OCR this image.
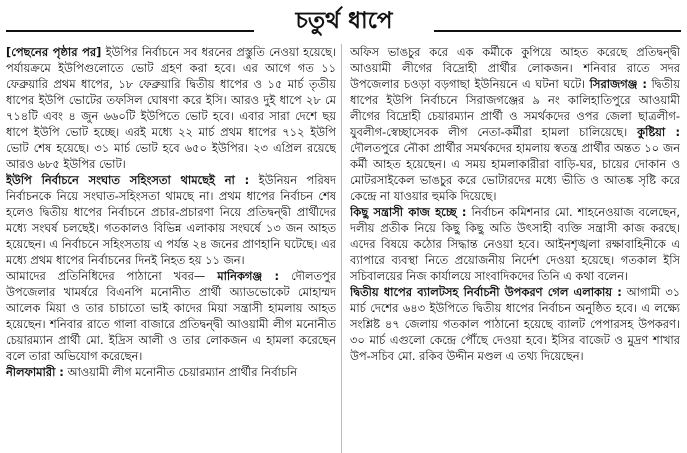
চতুর্থ ধাপে

[পেছনের পৃষ্ঠার পর] ইউপির নির্বাচনে সব ধরনের প্রস্তুতি নেওয়া হয়েছে। পর্যায়ক্রমে ইউপিগুলোতে ভোট গ্রহণ করা হবে। এর আগে গত ১১ ফেব্রুয়ারি প্রথম ধাপের, ১৮ ফেব্রুয়ারি দ্বিতীয় ধাপের ও ১৫ মার্চ তৃতীয় ধাপের ইউপি ভোটের তফসিল ঘোষণা করে ইসি। আরও দুই ধাপে ২৮ মে ৭১৪টি এবং ৪ জুন ৬৬০টি ইউপিতে ভোট হবে। এবার সারা দেশে ছয় ধাপে ইউপি ভোট হচ্ছে। এরই মধ্যে ২২ মার্চ প্রথম ধাপের ৭১২ ইউপি ভোট শেষ হয়েছে। ৩১ মার্চ ভোট হবে ৬৫০ ইউপির। ২৩ এপ্রিল রয়েছে আরও ৬৮৫ ইউপির ভোট।

ইউপি নির্বাচনে সংঘাত সহিংসতা থামছেই না : ইউনিয়ন পরিষদ নির্বাচনকে নিয়ে সংঘাত-সহিংসতা থামছে না। প্রথম ধাপের নির্বাচন শেষ হলেও দ্বিতীয় ধাপের নির্বাচনে প্রচার-প্রচারণা নিয়ে প্রতিদ্বন্দ্বী প্রার্থীদের মধ্যে সংঘর্ষ চলছেই। গতকালও বিভিন্ন এলাকায় সংঘর্ষে ১৩ জন আহত হয়েছেন। এ নির্বাচনে সহিংসতায় এ পর্যন্ত ২৪ জনের প্রাণহানি ঘটেছে। এর মধ্যে প্রথম ধাপের নির্বাচনের দিনই নিহত হয় ১১ জন।

আমাদের প্রতিনিধিদের পাঠানো খবর— মানিকগঞ্জ : দৌলতপুর উপজেলার খামর্ষরে বিএনপি মনোনীত প্রার্থী অ্যাডভোকেট মোহাম্মদ আলেক মিয়া ও তার চাচাতো ভাই কাদের মিয়া সন্ত্রাসী হামলায় আহত হয়েছেন। শনিবার রাতে গালা বাজারে প্রতিদ্বন্দ্বী আওয়ামী লীগ মনোনীত চেয়ারম্যান প্রার্থী মো. ইদ্রিস আলী ও তার লোকজন এ হামলা করেছেন বলে তারা অভিযোগ করেছেন।

নীলফামারী : আওয়ামী লীগ মনোনীত চেয়ারম্যান প্রার্থীর নির্বাচনি

অফিস ভাঙচুর করে এক কর্মীকে কুপিয়ে আহত করেছে প্রতিদ্বন্দ্বী আওয়ামী লীগের বিদ্রোহী প্রার্থীর লোকজন। শনিবার রাতে সদর উপজেলার চওড়া বড়গাছা ইউনিয়নে এ ঘটনা ঘটে। সিরাজগঞ্জ : দ্বিতীয় ধাপের ইউপি নির্বাচনে সিরাজগঞ্জের ৯ নং কালিহাতিপুরে আওয়ামী লীগের বিদ্রোহী চেয়ারম্যান প্রার্থী ও সমর্থকদের ওপর জেলা ছাত্রলীগ-যুবলীগ-স্বেচ্ছাসেবক লীগ নেতা-কর্মীরা হামলা চালিয়েছে। কুষ্টিয়া : দৌলতপুরে নৌকা প্রার্থীর সমর্থকদের হামলায় স্বতন্ত্র প্রার্থীর অন্তত ১০ জন কর্মী আহত হয়েছেন। এ সময় হামলাকারীরা বাড়ি-ঘর, চায়ের দোকান ও মোটরসাইকেল ভাঙচুর করে ভোটারদের মধ্যে ভীতি ও আতঙ্ক সৃষ্টি করে কেন্দ্রে না যাওয়ার হুমকি দিয়েছে।

কিছু সন্ত্রাসী কাজ হচ্ছে : নির্বাচন কমিশনার মো. শাহনেওয়াজ বলেছেন, দলীয় প্রতীক নিয়ে কিছু কিছু অতি উৎসাহী ব্যক্তি সন্ত্রাসী কাজ করছে। এদের বিষয়ে কঠোর সিদ্ধান্ত নেওয়া হবে। আইনশৃঙ্খলা রক্ষাবাহিনীকে এ ব্যাপারে ব্যবস্থা নিতে প্রয়োজনীয় নির্দেশ দেওয়া হয়েছে। গতকাল ইসি সচিবালয়ের নিজ কার্যালয়ে সাংবাদিকদের তিনি এ কথা বলেন।

দ্বিতীয় ধাপের ব্যালটসহ নির্বাচনী উপকরণ গেল এলাকায় : আগামী ৩১ মার্চ দেশের ৬৪৩ ইউপিতে দ্বিতীয় ধাপের নির্বাচন অনুষ্ঠিত হবে। এ লক্ষ্যে সংশ্লিষ্ট ৪৭ জেলায় গতকাল পাঠানো হয়েছে ব্যালট পেপারসহ উপকরণ। ৩০ মার্চ এগুলো কেন্দ্রে পৌঁছে দেওয়া হবে। ইসির বাজেট ও মুদ্রণ শাখার উপ-সচিব মো. রকিব উদ্দীন মণ্ডল এ তথ্য দিয়েছেন।
